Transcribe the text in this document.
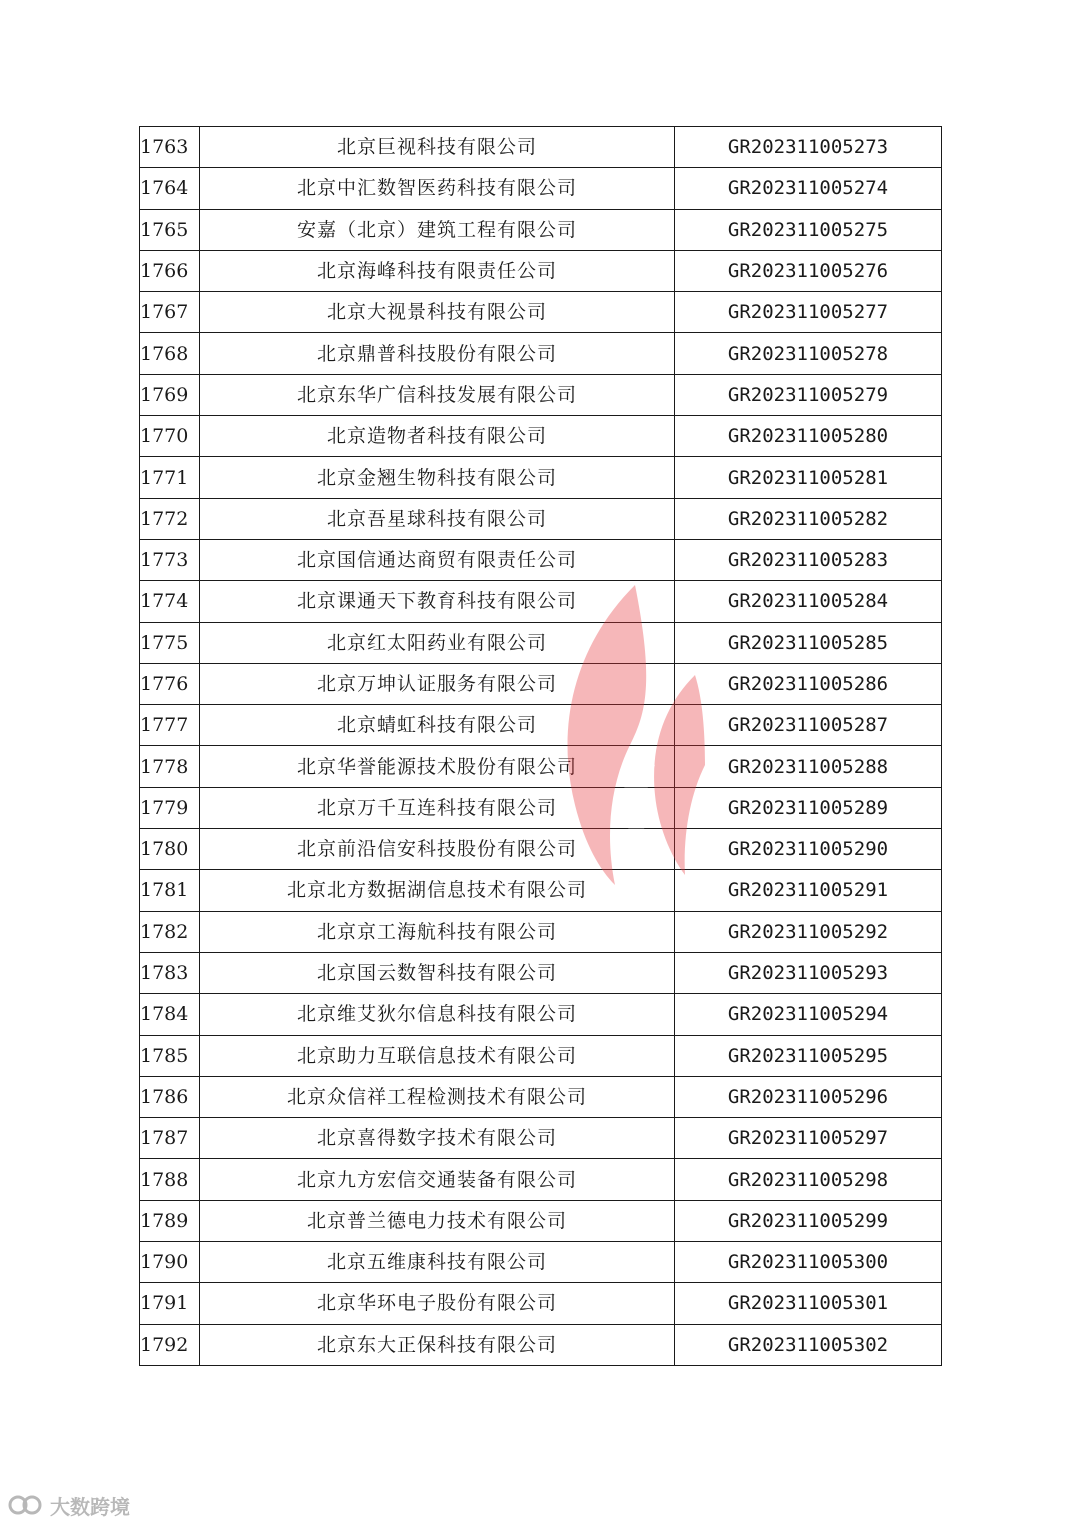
1763	北京巨视科技有限公司	GR202311005273
1764	北京中汇数智医药科技有限公司	GR202311005274
1765	安嘉（北京）建筑工程有限公司	GR202311005275
1766	北京海峰科技有限责任公司	GR202311005276
1767	北京大视景科技有限公司	GR202311005277
1768	北京鼎普科技股份有限公司	GR202311005278
1769	北京东华广信科技发展有限公司	GR202311005279
1770	北京造物者科技有限公司	GR202311005280
1771	北京金翘生物科技有限公司	GR202311005281
1772	北京吾星球科技有限公司	GR202311005282
1773	北京国信通达商贸有限责任公司	GR202311005283
1774	北京课通天下教育科技有限公司	GR202311005284
1775	北京红太阳药业有限公司	GR202311005285
1776	北京万坤认证服务有限公司	GR202311005286
1777	北京蜻虹科技有限公司	GR202311005287
1778	北京华誉能源技术股份有限公司	GR202311005288
1779	北京万千互连科技有限公司	GR202311005289
1780	北京前沿信安科技股份有限公司	GR202311005290
1781	北京北方数据湖信息技术有限公司	GR202311005291
1782	北京京工海航科技有限公司	GR202311005292
1783	北京国云数智科技有限公司	GR202311005293
1784	北京维艾狄尔信息科技有限公司	GR202311005294
1785	北京助力互联信息技术有限公司	GR202311005295
1786	北京众信祥工程检测技术有限公司	GR202311005296
1787	北京喜得数字技术有限公司	GR202311005297
1788	北京九方宏信交通装备有限公司	GR202311005298
1789	北京普兰德电力技术有限公司	GR202311005299
1790	北京五维康科技有限公司	GR202311005300
1791	北京华环电子股份有限公司	GR202311005301
1792	北京东大正保科技有限公司	GR202311005302
大数跨境
